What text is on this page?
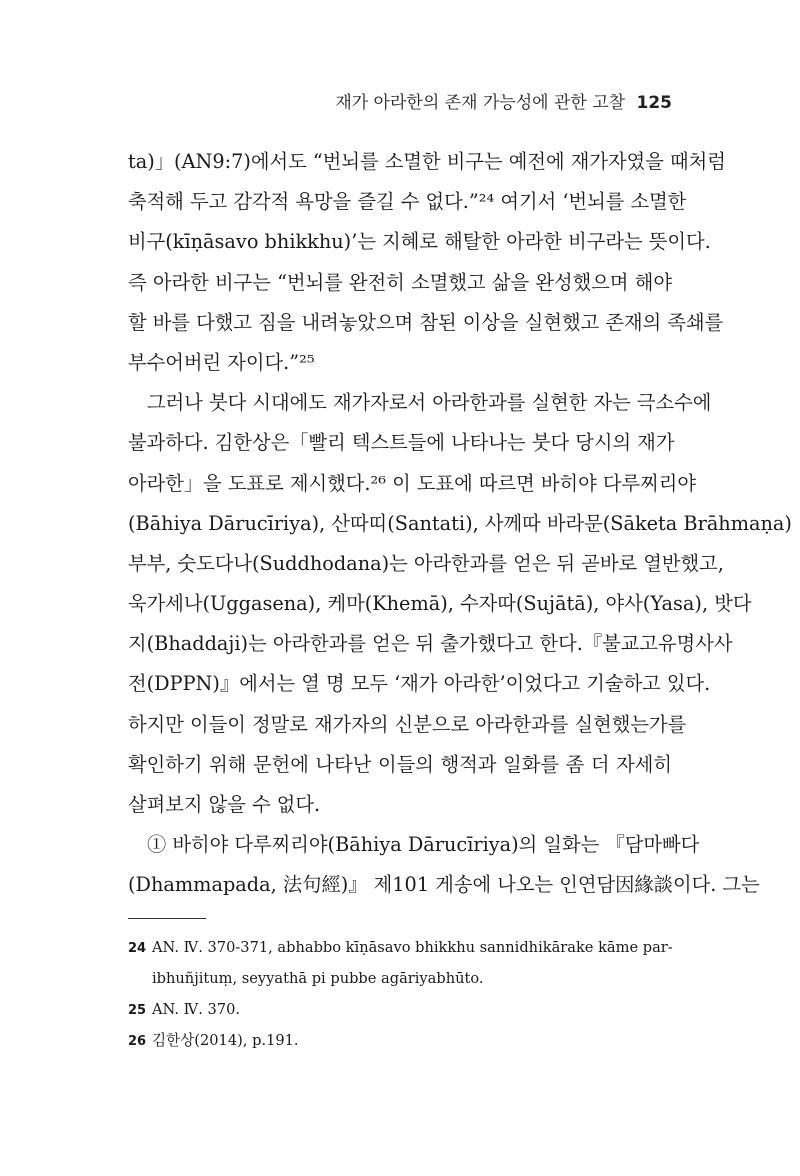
재가 아라한의 존재 가능성에 관한 고찰 125
ta)」(AN9:7)에서도 “번뇌를 소멸한 비구는 예전에 재가자였을 때처럼
축적해 두고 감각적 욕망을 즐길 수 없다.”²⁴ 여기서 ‘번뇌를 소멸한
비구(kīṇāsavo bhikkhu)’는 지혜로 해탈한 아라한 비구라는 뜻이다.
즉 아라한 비구는 “번뇌를 완전히 소멸했고 삶을 완성했으며 해야
할 바를 다했고 짐을 내려놓았으며 참된 이상을 실현했고 존재의 족쇄를
부수어버린 자이다.”²⁵
그러나 붓다 시대에도 재가자로서 아라한과를 실현한 자는 극소수에
불과하다. 김한상은「빨리 텍스트들에 나타나는 붓다 당시의 재가
아라한」을 도표로 제시했다.²⁶ 이 도표에 따르면 바히야 다루찌리야
(Bāhiya Dārucīriya), 산따띠(Santati), 사께따 바라문(Sāketa Brāhmaṇa)
부부, 숫도다나(Suddhodana)는 아라한과를 얻은 뒤 곧바로 열반했고,
욱가세나(Uggasena), 케마(Khemā), 수자따(Sujātā), 야사(Yasa), 밧다
지(Bhaddaji)는 아라한과를 얻은 뒤 출가했다고 한다.『불교고유명사사
전(DPPN)』에서는 열 명 모두 ‘재가 아라한’이었다고 기술하고 있다.
하지만 이들이 정말로 재가자의 신분으로 아라한과를 실현했는가를
확인하기 위해 문헌에 나타난 이들의 행적과 일화를 좀 더 자세히
살펴보지 않을 수 없다.
① 바히야 다루찌리야(Bāhiya Dārucīriya)의 일화는 『담마빠다
(Dhammapada, 法句經)』 제101 게송에 나오는 인연담因緣談이다. 그는
24 AN. Ⅳ. 370-371, abhabbo kīṇāsavo bhikkhu sannidhikārake kāme par-
ibhuñjituṃ, seyyathā pi pubbe agāriyabhūto.
25 AN. Ⅳ. 370.
26 김한상(2014), p.191.
